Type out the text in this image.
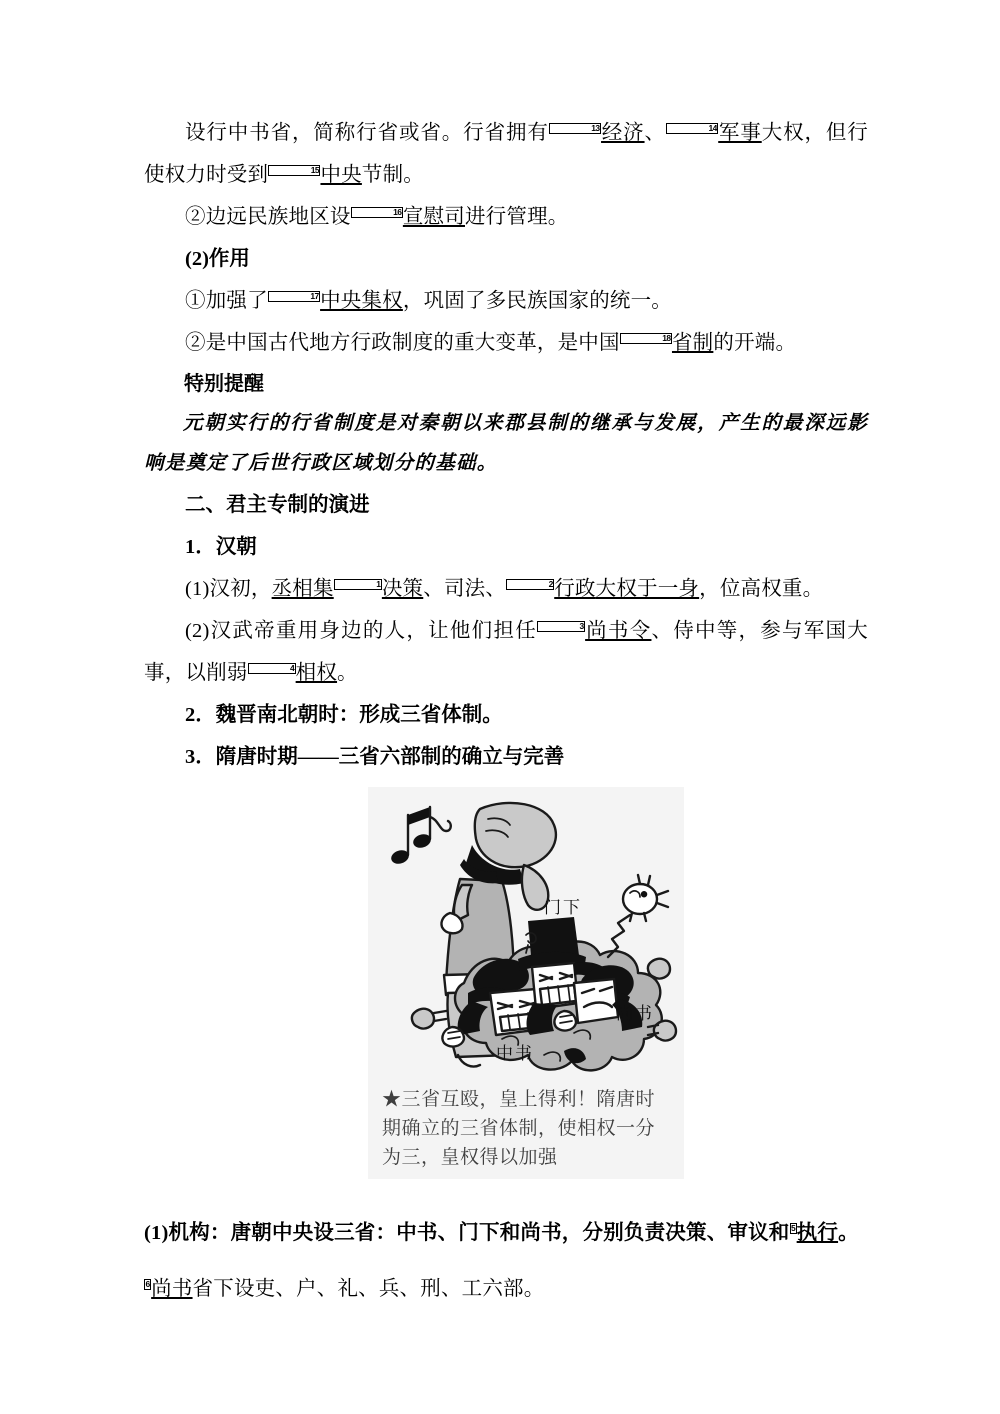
设行中书省，简称行省或省。行省拥有	13经济、	14军事大权，但行使权力时受到	15中央节制。

②边远民族地区设	16宣慰司进行管理。

(2)作用

①加强了	17中央集权，巩固了多民族国家的统一。

②是中国古代地方行政制度的重大变革，是中国	18省制的开端。

特别提醒

元朝实行的行省制度是对秦朝以来郡县制的继承与发展，产生的最深远影响是奠定了后世行政区域划分的基础。

二、君主专制的演进

1．汉朝

(1)汉初，丞相集	1决策、司法、	2行政大权于一身，位高权重。

(2)汉武帝重用身边的人，让他们担任	3尚书令、侍中等，参与军国大事，以削弱	4相权。

2．魏晋南北朝时：形成三省体制。

3．隋唐时期——三省六部制的确立与完善

门下
中书
尚书
★三省互殴，皇上得利！隋唐时期确立的三省体制，使相权一分为三，皇权得以加强

(1)机构：唐朝中央设三省：中书、门下和尚书，分别负责决策、审议和 5执行。

6尚书省下设吏、户、礼、兵、刑、工六部。
